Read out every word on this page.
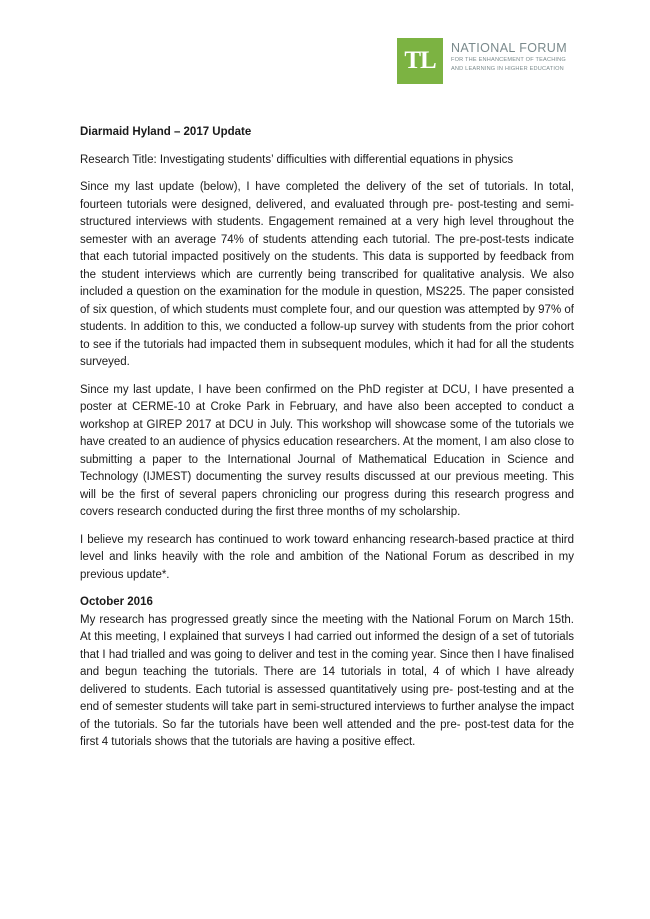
TL	NATIONAL FORUM
FOR THE ENHANCEMENT OF TEACHING
AND LEARNING IN HIGHER EDUCATION

Diarmaid Hyland – 2017 Update

Research Title: Investigating students’ difficulties with differential equations in physics

Since my last update (below), I have completed the delivery of the set of tutorials. In total, fourteen tutorials were designed, delivered, and evaluated through pre- post-testing and semi-structured interviews with students. Engagement remained at a very high level throughout the semester with an average 74% of students attending each tutorial. The pre-post-tests indicate that each tutorial impacted positively on the students. This data is supported by feedback from the student interviews which are currently being transcribed for qualitative analysis. We also included a question on the examination for the module in question, MS225. The paper consisted of six question, of which students must complete four, and our question was attempted by 97% of students. In addition to this, we conducted a follow-up survey with students from the prior cohort to see if the tutorials had impacted them in subsequent modules, which it had for all the students surveyed.

Since my last update, I have been confirmed on the PhD register at DCU, I have presented a poster at CERME-10 at Croke Park in February, and have also been accepted to conduct a workshop at GIREP 2017 at DCU in July. This workshop will showcase some of the tutorials we have created to an audience of physics education researchers. At the moment, I am also close to submitting a paper to the International Journal of Mathematical Education in Science and Technology (IJMEST) documenting the survey results discussed at our previous meeting. This will be the first of several papers chronicling our progress during this research progress and covers research conducted during the first three months of my scholarship.

I believe my research has continued to work toward enhancing research-based practice at third level and links heavily with the role and ambition of the National Forum as described in my previous update*.

October 2016

My research has progressed greatly since the meeting with the National Forum on March 15th. At this meeting, I explained that surveys I had carried out informed the design of a set of tutorials that I had trialled and was going to deliver and test in the coming year. Since then I have finalised and begun teaching the tutorials. There are 14 tutorials in total, 4 of which I have already delivered to students. Each tutorial is assessed quantitatively using pre- post-testing and at the end of semester students will take part in semi-structured interviews to further analyse the impact of the tutorials. So far the tutorials have been well attended and the pre- post-test data for the first 4 tutorials shows that the tutorials are having a positive effect.
